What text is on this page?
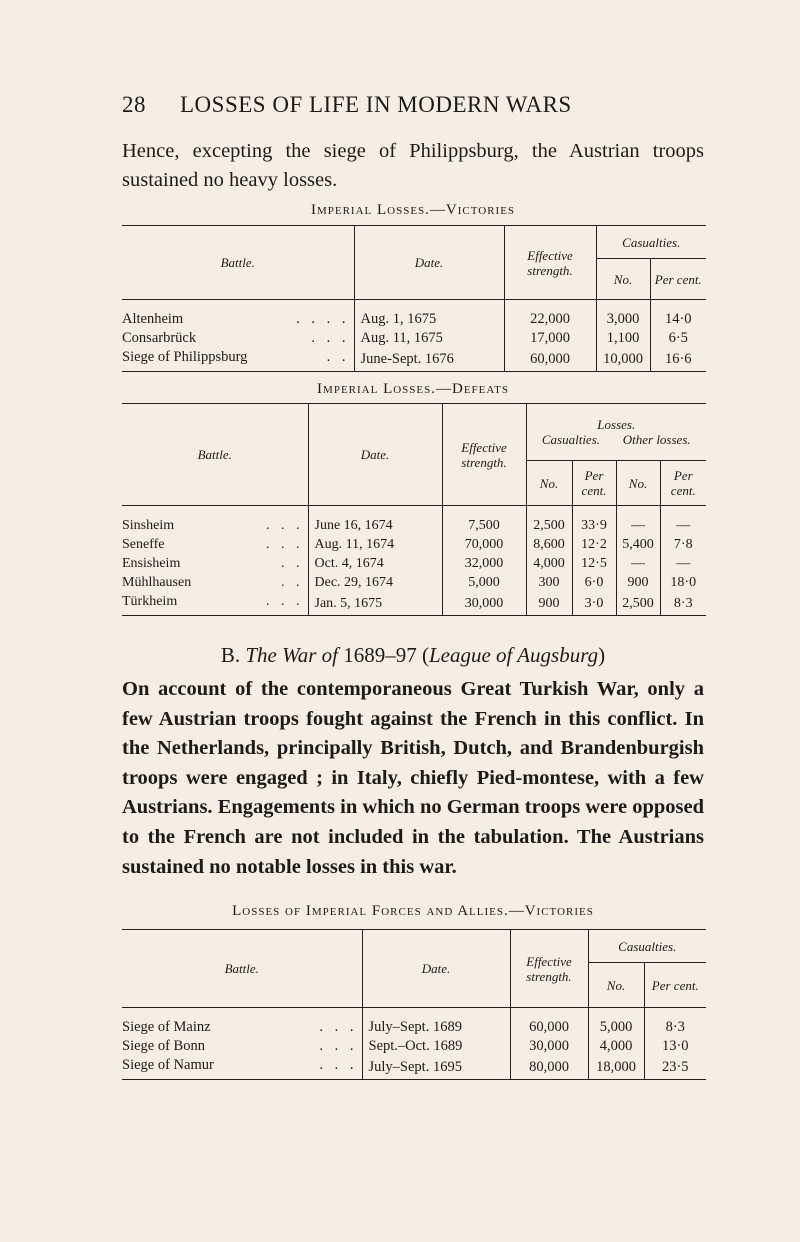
28 LOSSES OF LIFE IN MODERN WARS
Hence, excepting the siege of Philippsburg, the Austrian troops sustained no heavy losses.
Imperial Losses.—Victories
Battle.	Date.	Effective strength.	Casualties.	
			No.	Per cent.

Altenheim . . . .	Aug. 1, 1675	22,000	3,000	14·0
Consarbrück . . .	Aug. 11, 1675	17,000	1,100	6·5
Siege of Philippsburg . .	June-Sept. 1676	60,000	10,000	16·6
Imperial Losses.—Defeats
Battle.	Date.	Effective strength.	Losses.
Casualties. Other losses.			

			No.	Per cent.	No.	Per cent.

Sinsheim . . .	June 16, 1674	7,500	2,500	33·9	—	—
Seneffe . . .	Aug. 11, 1674	70,000	8,600	12·2	5,400	7·8
Ensisheim . .	Oct. 4, 1674	32,000	4,000	12·5	—	—
Mühlhausen . .	Dec. 29, 1674	5,000	300	6·0	900	18·0
Türkheim . . .	Jan. 5, 1675	30,000	900	3·0	2,500	8·3
B. The War of 1689–97 (League of Augsburg)
On account of the contemporaneous Great Turkish War, only a few Austrian troops fought against the French in this conflict. In the Netherlands, principally British, Dutch, and Brandenburgish troops were engaged ; in Italy, chiefly Pied-montese, with a few Austrians. Engagements in which no German troops were opposed to the French are not included in the tabulation. The Austrians sustained no notable losses in this war.
Losses of Imperial Forces and Allies.—Victories
Battle.	Date.	Effective strength.	Casualties.	
			No.	Per cent.

Siege of Mainz . . .	July–Sept. 1689	60,000	5,000	8·3
Siege of Bonn . . .	Sept.–Oct. 1689	30,000	4,000	13·0
Siege of Namur . . .	July–Sept. 1695	80,000	18,000	23·5
